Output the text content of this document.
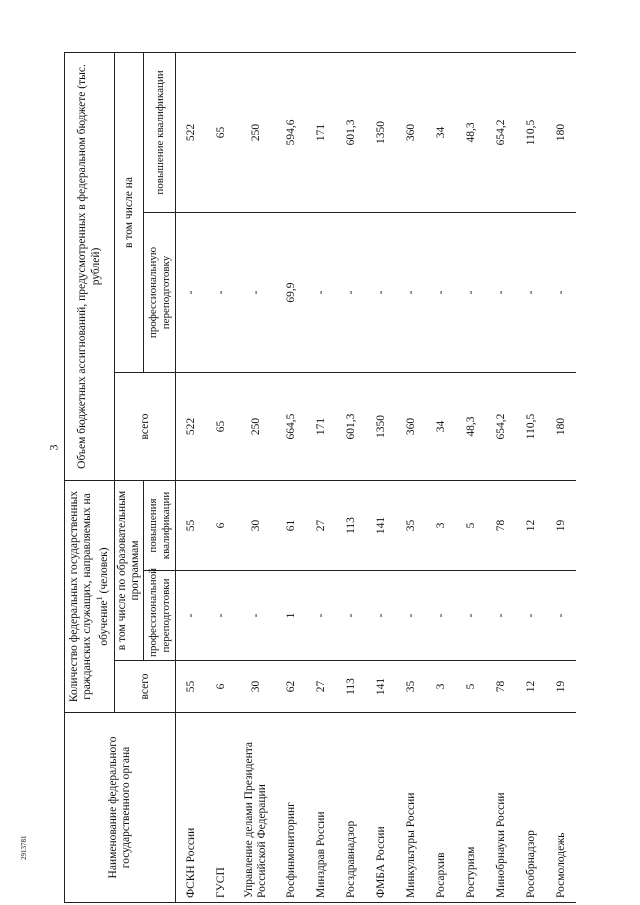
3
2913781	Наименование федерального государственного органа	Количество федеральных государственных гражданских служащих, направляемых на обучение$^1$ (человек)			Объем бюджетных ассигнований, предусмотренных в федеральном бюджете (тыс. рублей)		
	всего	в том числе по образовательным программам		всего	в том числе на	
		профессиональной переподготовки	повышения квалификации		профессиональную переподготовку	повышение квалификации
ФСКН России	55	-	55	522	-	522
ГУСП	6	-	6	65	-	65
Управление делами Президента Российской Федерации	30	-	30	250	-	250
Росфинмониторинг	62	1	61	664,5	69,9	594,6
Минздрав России	27	-	27	171	-	171
Росздравнадзор	113	-	113	601,3	-	601,3
ФМБА России	141	-	141	1350	-	1350
Минкультуры России	35	-	35	360	-	360
Росархив	3	-	3	34	-	34
Ростуризм	5	-	5	48,3	-	48,3
Минобрнауки России	78	-	78	654,2	-	654,2
Рособрнадзор	12	-	12	110,5	-	110,5
Росмолодежь	19	-	19	180	-	180
